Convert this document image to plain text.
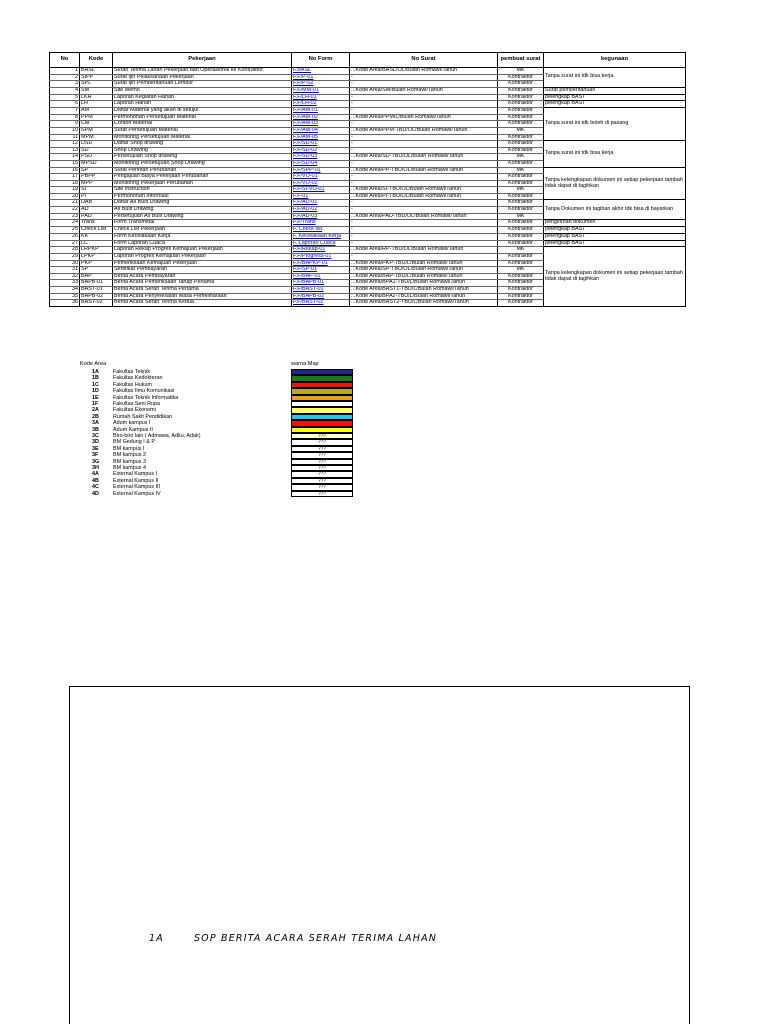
No	Kode	Pekerjaan	No Form	No Surat	pembuat surat	kegunaan
1	BASL	Serah Terima Lahan Pekerjaan dan Operasional ke Kontraktor	F.BASL	...Kode Area/BASL/OL/Bulan Romawi/Tahun	MK	Tanpa surat ini tdk bisa kerja
2	SIPP	Surat Ijin Pelaksanaan Pekerjaan	F.F/P-01	-	Kontraktor	
3	SPL	Surat Ijin Pemberitahuan Lembur	F.F/P-02	-	Kontraktor	
4	SM	Site Memo	F.F/MM-01	...Kode Area/SM/Bulan Romawi/Tahun	Kontraktor	Surat pemberitahuan
5	LKH	Laporan Kegiatan Harian	F.F/LH-01	-	Kontraktor	pelengkap BAST
6	LH	Laporan Harian	F.F/LH-02	-	Kontraktor	pelengkap BAST
7	AM	Daftar Material yang akan di setujui	F.F/AM-01	-	Kontraktor	Tanpa surat ini tdk boleh di pasang
8	PPM	Permohonan Persetujuan Material	F.F/AM-02	...Kode Area/PPM/L/Bulan Romawi/Tahun	Kontraktor	
9	CM	Contoh Material	F.F/AM-03	-	Kontraktor	
10	SPM	Surat Persetujuan Material	F.F/AM-04	...Kode Area/PPM-TBU/OL/Bulan Romawi/Tahun	MK	
11	MPM	Monitoring Persetujuan Material	F.F/AM-05	-	Kontraktor	
12	DSD	Daftar Shop drawing	F.F/SD-01	-	Kontraktor	Tanpa surat ini tdk bisa kerja
13	SD	Shop Drawing	F.F/SD-02	-	Kontraktor	
14	PSD	Persetujuan Shop drawing	F.F/SD-03	...Kode Area/SD-TBU/OL/Bulan Romawi/Tahun	MK	
15	MPSD	Monitoring Persetujuan Shop Drawing	F.F/SD-04	-	Kontraktor	
16	SP	Surat Perintah Perubahan	F.F/SPP-01	...Kode Area/PP-TBU/OL/Bulan Romawi/Tahun	MK	Tanpa kelengkapan dokumen ini setiap pekerjaan tambah tidak dapat di tagihkan
17	PBPP	Pengajuan Biaya Pekerjaan Perubahan	F.F/VO-01	-	Kontraktor	
18	MPP	Monitoring Pekerjaan Perubahan	F.F/VO-02	-	Kontraktor	
19	SI	Site Instruction	F.F/SI-VO-01	...Kode Area/SI-TBU/OL/Bulan Romawi/Tahun	MK	
20	PI	Permohonan Informasi	F.F-01	...Kode Area/PI-TBU/OL/Bulan Romawi/Tahun	Kontraktor	
21	DAB	Daftar As Built Drawing	F.F/AD-01	-	Kontraktor	Tanpa Dokumen ini tagihan akhir tdk bisa di bayarkan
22	AD	As Built Drawing	F.F/AD-02	-	Kontraktor	
23	PAD	Persetujuan As Built Drawing	F.F/AD-03	...Kode Area/PAD-TBU/OL/Bulan Romawi/Tahun	MK	
24	Trans	Form Transmittal	F.F/Trans	-	Kontraktor	pengiriman dokumen
25	Check List	Check List Pekerjaan	F. Check list	-	Kontraktor	pelengkap BAST
26	KK	Form Kecelakaan Kerja	F. Kecelakaan Kerja	-	Kontraktor	pelengkap BAST
27	LC	Form Laporan Cuaca	F. Laporan Cuaca	-	Kontraktor	pelengkap BAST
28	LRPKP	Laporan Rekap Progres Kemajuan Pekerjaan	F.F/Rekap-01	...Kode Area/RP-TBU/OL/Bulan Romawi/Tahun	MK	Tanpa kelengkapan dokumen ini setiap pekerjaan tambah tidak dapat di tagihkan
29	LPKP	Laporan Progres Kemajuan Pekerjaan	F.F/Progress-01	-	Kontraktor	
30	PKP	Pemeriksaan Kemajuan Pekerjaan	F.F/BAPKP-01	...Kode Area/PKP-TBU/L/Bulan Romawi/Tahun	Kontraktor	
31	SP	Sertifikat Pembayaran	F.F/SP-01	...Kode Area/SP-TBU/OL/Bulan Romawi/Tahun	MK	
32	BAP	Berita Acara Pembayaran	F.F/BAP-01	...Kode Area/BAP-TBU/L/Bulan Romawi/Tahun	Kontraktor	
33	BAPB-01	Berita Acara Pemeriksaan Tahap Pertama	F.F/BAPB-01	...Kode Area/BPA1-TBU/L/Bulan Romawi/Tahun	Kontraktor	
34	BAST-01	Berita Acara Serah Terima Pertama	F.F/BAST-01	...Kode Area/BAST1-TBU/L/Bulan Romawi/Tahun	Kontraktor	
35	BAPB-02	Berita Acara Penyelesaian Masa Pemeliharaan	F.F/BAPB-02	...Kode Area/BPA2-TBU/L/Bulan Romawi/Tahun	Kontraktor	
36	BAST-02	Berita Acara Serah Terima Kedua	F.F/BAST-02	...Kode Area/BAST2-TBU/L/Bulan Romawi/Tahun	Kontraktor	
Kode Area	warna Map
1A	Fakultas Teknik
1B	Fakultas Kedokteran
1C	Fakultas Hukum
1D	Fakultas Ilmu Komunikasi
1E	Fakultas Teknik Informatika
1F	Fakultas Seni Rupa
2A	Fakultas Ekonomi
2B	Rumah Sakit Pendidikan
3A	Adum kampus I
3B	Adum Kampus II
3C	Biro-biro lain ( Admawa, Adku, Adak)	???
3D	BM Gedung I & P	???
3E	BM kampus I	???
3F	BM kampus 2	???
3G	BM kampus 3	???
3H	BM kampus 4	???
4A	External Kampus I	???
4B	External Kampus II	???
4C	External Kampus III	???
4D	External Kampus IV	???
1A	SOP BERITA ACARA SERAH TERIMA LAHAN
